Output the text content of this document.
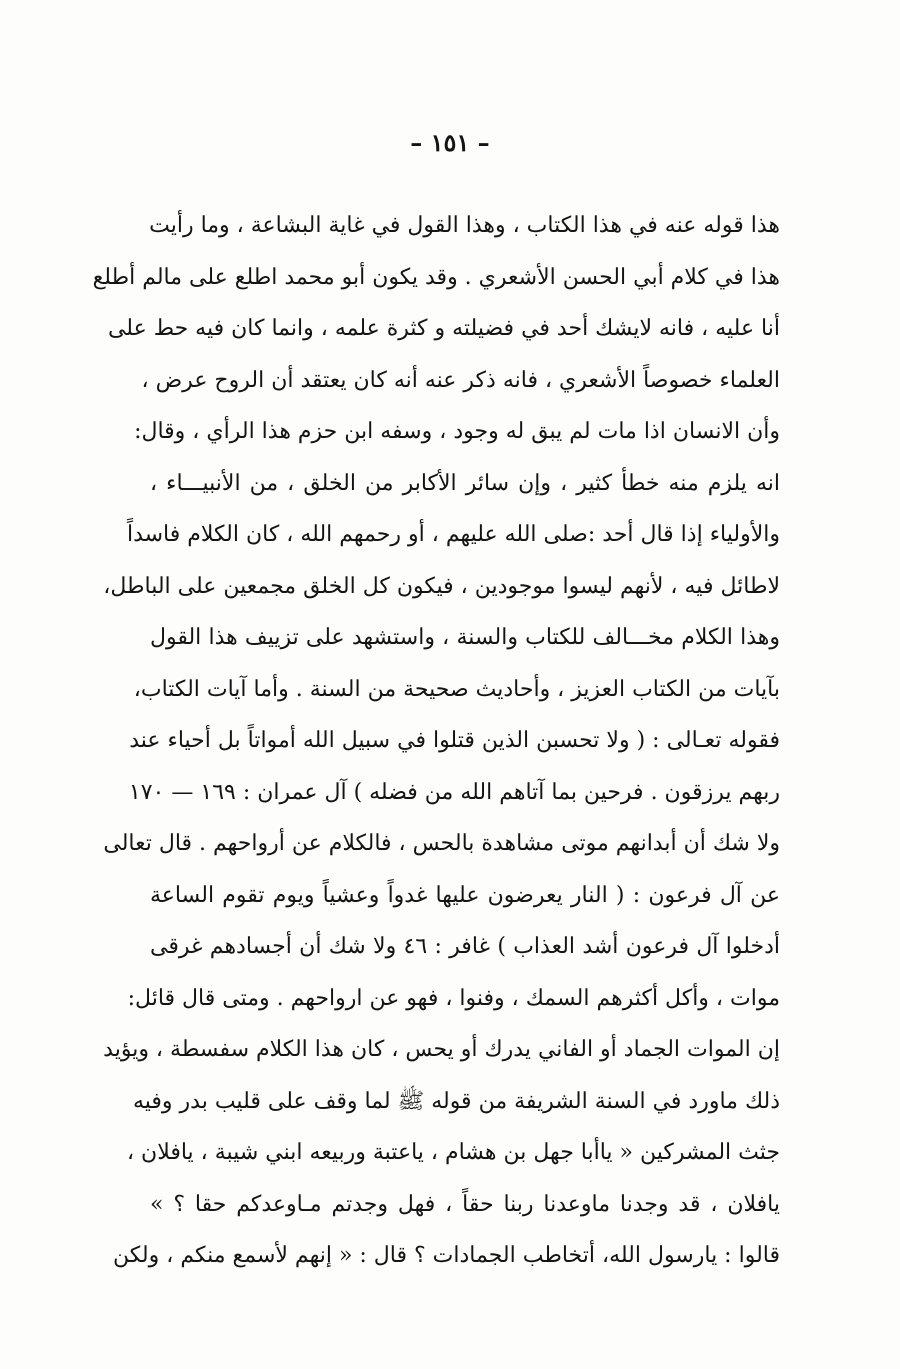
– ١٥١ –
هذا قوله عنه في هذا الكتاب ، وهذا القول في غاية البشاعة ، وما رأيت
هذا في كلام أبي الحسن الأشعري . وقد يكون أبو محمد اطلع على مالم أطلع
أنا عليه ، فانه لايشك أحد في فضيلته و كثرة علمه ، وانما كان فيه حط على
العلماء خصوصاً الأشعري ، فانه ذكر عنه أنه كان يعتقد أن الروح عرض ،
وأن الانسان اذا مات لم يبق له وجود ، وسفه ابن حزم هذا الرأي ، وقال:
انه يلزم منه خطأ كثير ، وإن سائر الأكابر من الخلق ، من الأنبيـــاء ،
والأولياء إذا قال أحد :صلى الله عليهم ، أو رحمهم الله ، كان الكلام فاسداً
لاطائل فيه ، لأنهم ليسوا موجودين ، فيكون كل الخلق مجمعين على الباطل،
وهذا الكلام مخـــالف للكتاب والسنة ، واستشهد على تزييف هذا القول
بآيات من الكتاب العزيز ، وأحاديث صحيحة من السنة . وأما آيات الكتاب،
فقوله تعـالى : ( ولا تحسبن الذين قتلوا في سبيل الله أمواتاً بل أحياء عند
ربهم يرزقون . فرحين بما آتاهم الله من فضله ) آل عمران : ١٦٩ — ١٧٠
ولا شك أن أبدانهم موتى مشاهدة بالحس ، فالكلام عن أرواحهم . قال تعالى
عن آل فرعون : ( النار يعرضون عليها غدواً وعشياً ويوم تقوم الساعة
أدخلوا آل فرعون أشد العذاب ) غافر : ٤٦ ولا شك أن أجسادهم غرقى
موات ، وأكل أكثرهم السمك ، وفنوا ، فهو عن ارواحهم . ومتى قال قائل:
إن الموات الجماد أو الفاني يدرك أو يحس ، كان هذا الكلام سفسطة ، ويؤيد
ذلك ماورد في السنة الشريفة من قوله ﷺ لما وقف على قليب بدر وفيه
جثث المشركين « ياأبا جهل بن هشام ، ياعتبة وربيعه ابني شيبة ، يافلان ،
يافلان ، قد وجدنا ماوعدنا ربنا حقاً ، فهل وجدتم مـاوعدكم حقا ؟ »
قالوا : يارسول الله، أتخاطب الجمادات ؟ قال : « إنهم لأسمع منكم ، ولكن
